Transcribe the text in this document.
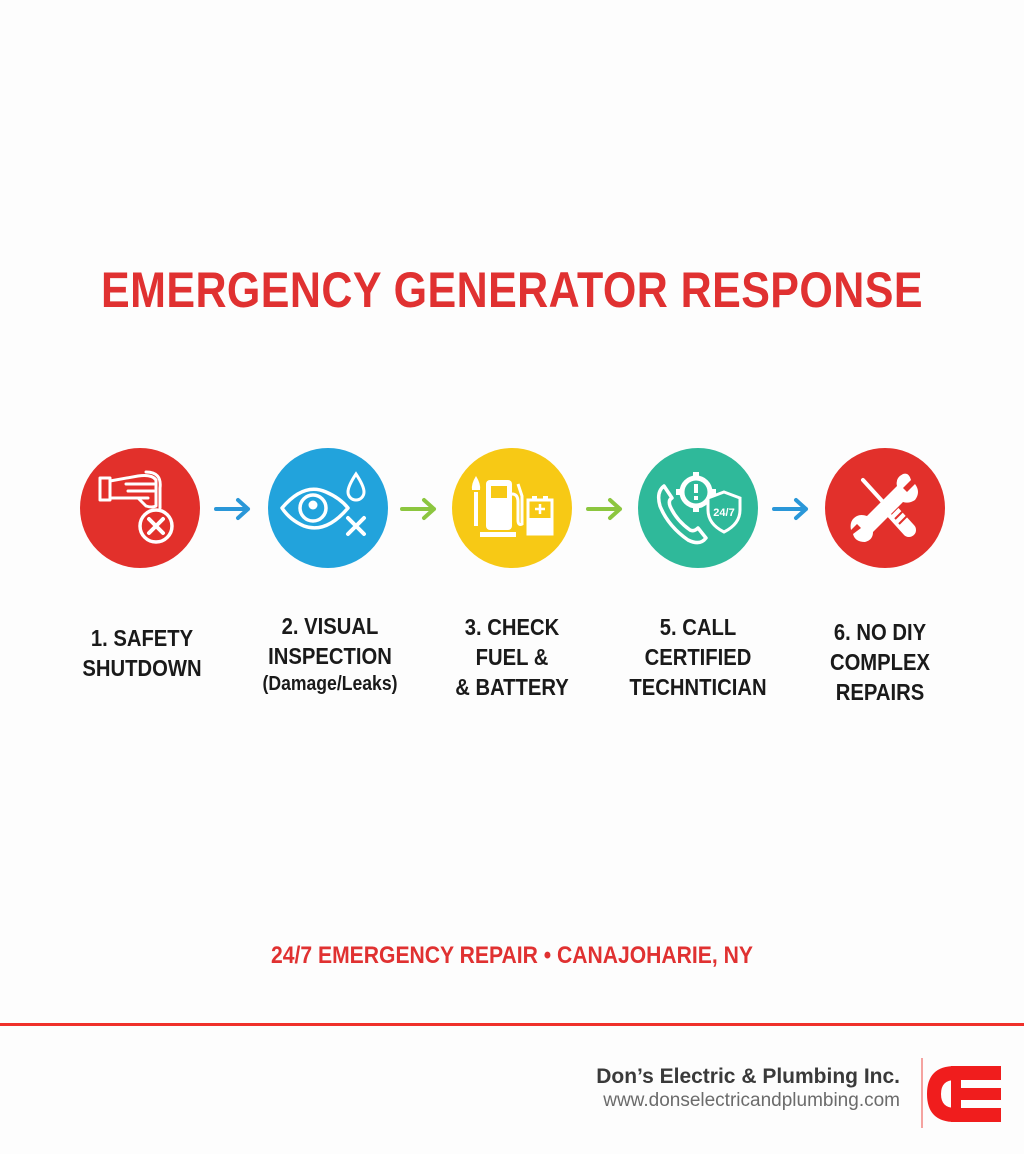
EMERGENCY GENERATOR RESPONSE
24/7
1. SAFETY
SHUTDOWN
2. VISUAL
INSPECTION
(Damage/Leaks)
3. CHECK
FUEL &
& BATTERY
5. CALL
CERTIFIED
TECHNTICIAN
6. NO DIY
COMPLEX
REPAIRS
24/7 EMERGENCY REPAIR • CANAJOHARIE, NY
Don’s Electric & Plumbing Inc.
www.donselectricandplumbing.com
